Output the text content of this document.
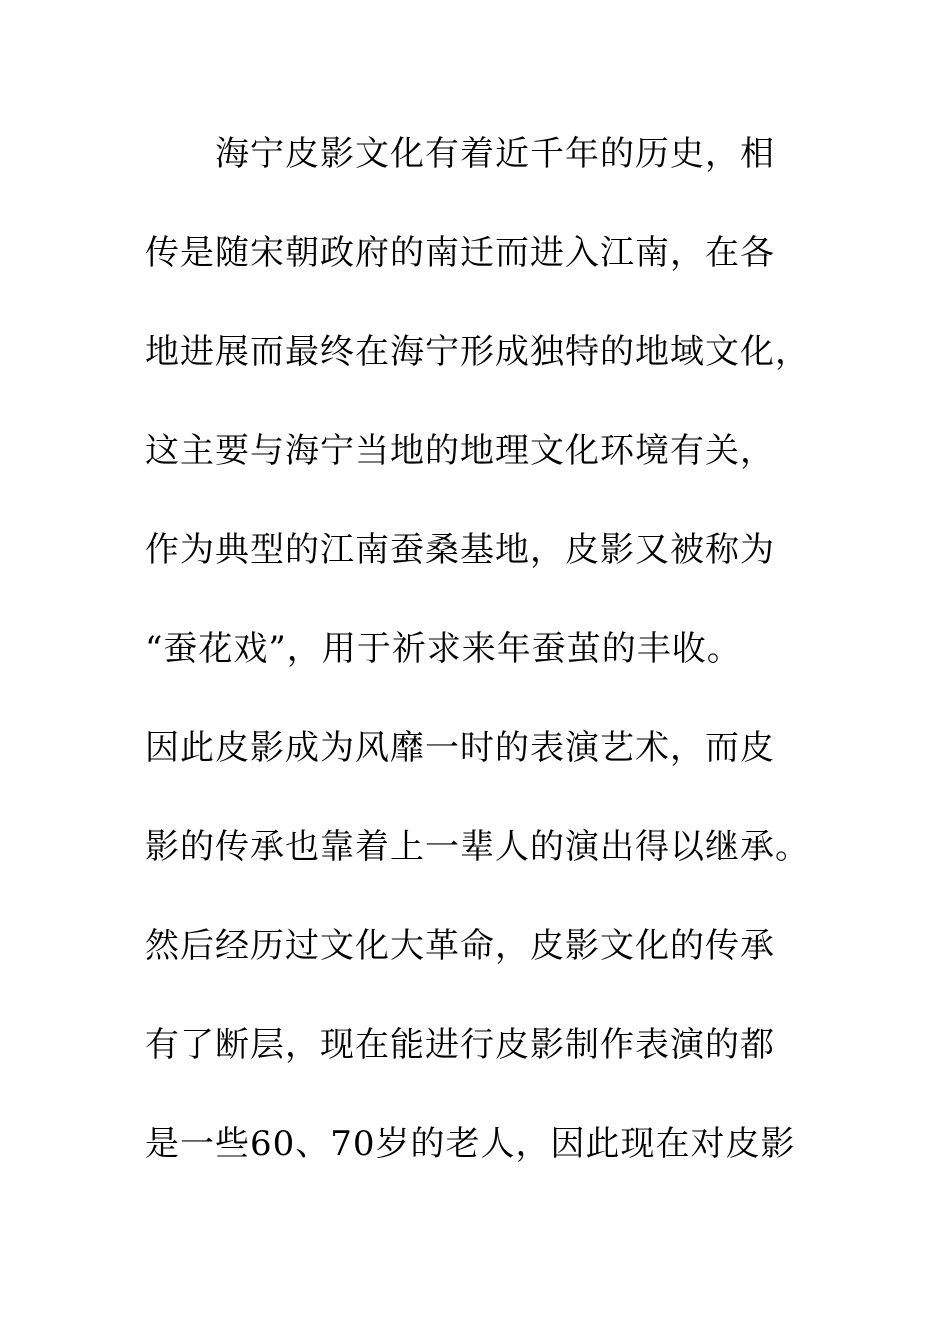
海宁皮影文化有着近千年的历史，相
传是随宋朝政府的南迁而进入江南，在各
地进展而最终在海宁形成独特的地域文化，
这主要与海宁当地的地理文化环境有关，
作为典型的江南蚕桑基地，皮影又被称为
“蚕花戏”，用于祈求来年蚕茧的丰收。
因此皮影成为风靡一时的表演艺术，而皮
影的传承也靠着上一辈人的演出得以继承。
然后经历过文化大革命，皮影文化的传承
有了断层，现在能进行皮影制作表演的都
是一些60、70岁的老人，因此现在对皮影
